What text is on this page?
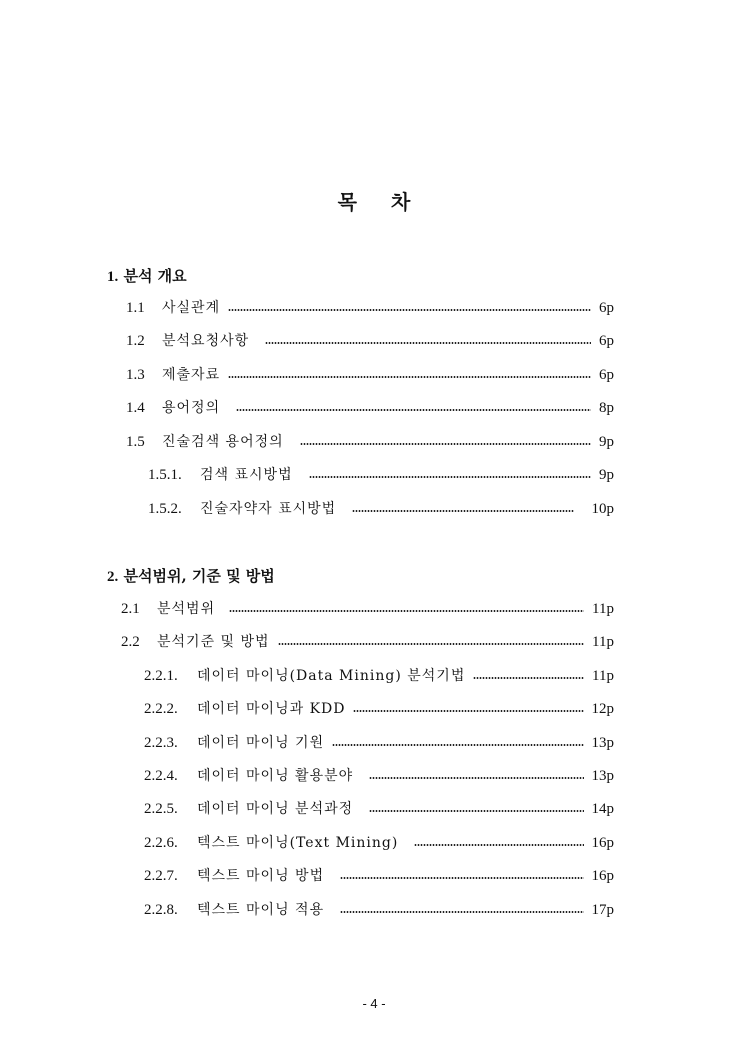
목 차
1. 분석 개요
1.1	사실관계	6p
1.2	분석요청사항	6p
1.3	제출자료	6p
1.4	용어정의	8p
1.5	진술검색 용어정의	9p
1.5.1.	검색 표시방법	9p
1.5.2.	진술자약자 표시방법	10p
2. 분석범위, 기준 및 방법
2.1	분석범위	11p
2.2	분석기준 및 방법	11p
2.2.1.	데이터 마이닝(Data Mining) 분석기법	11p
2.2.2.	데이터 마이닝과 KDD	12p
2.2.3.	데이터 마이닝 기원	13p
2.2.4.	데이터 마이닝 활용분야	13p
2.2.5.	데이터 마이닝 분석과정	14p
2.2.6.	텍스트 마이닝(Text Mining)	16p
2.2.7.	텍스트 마이닝 방법	16p
2.2.8.	텍스트 마이닝 적용	17p
- 4 -
